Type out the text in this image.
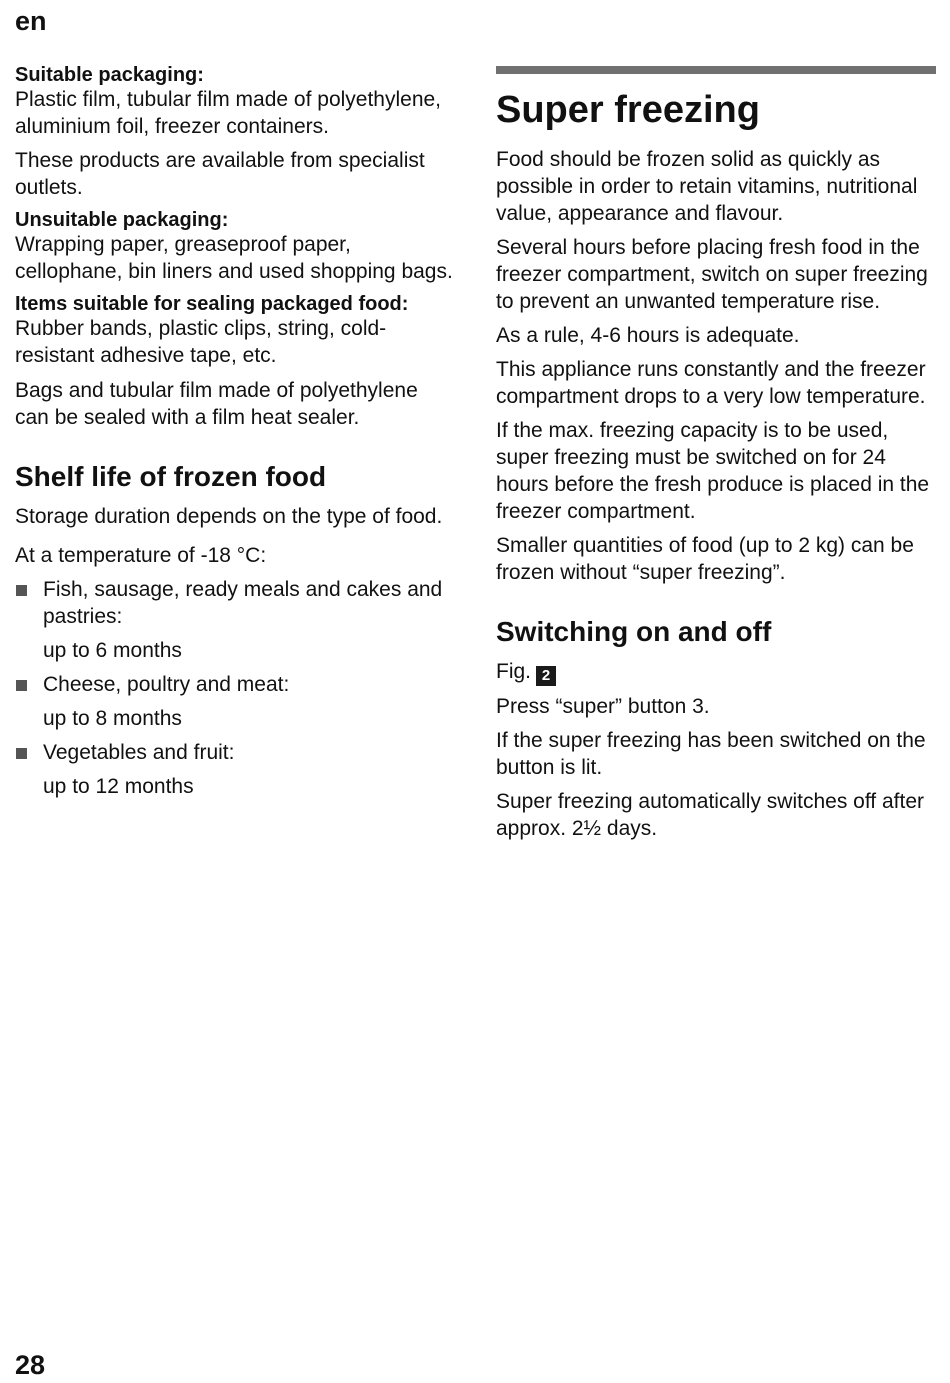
en
Suitable packaging:

Plastic film, tubular film made of polyethylene, aluminium foil, freezer containers.

These products are available from specialist outlets.

Unsuitable packaging:

Wrapping paper, greaseproof paper, cellophane, bin liners and used shopping bags.

Items suitable for sealing packaged food:

Rubber bands, plastic clips, string, cold-resistant adhesive tape, etc.

Bags and tubular film made of polyethylene can be sealed with a film heat sealer.

Shelf life of frozen food

Storage duration depends on the type of food.

At a temperature of -18 °C:

Fish, sausage, ready meals and cakes and pastries:

up to 6 months

Cheese, poultry and meat:

up to 8 months

Vegetables and fruit:

up to 12 months

Super freezing

Food should be frozen solid as quickly as possible in order to retain vitamins, nutritional value, appearance and flavour.

Several hours before placing fresh food in the freezer compartment, switch on super freezing to prevent an unwanted temperature rise.

As a rule, 4-6 hours is adequate.

This appliance runs constantly and the freezer compartment drops to a very low temperature.

If the max. freezing capacity is to be used, super freezing must be switched on for 24 hours before the fresh produce is placed in the freezer compartment.

Smaller quantities of food (up to 2 kg) can be frozen without “super freezing”.

Switching on and off

Fig. 2

Press “super” button 3.

If the super freezing has been switched on the button is lit.

Super freezing automatically switches off after approx. 2½ days.

28
